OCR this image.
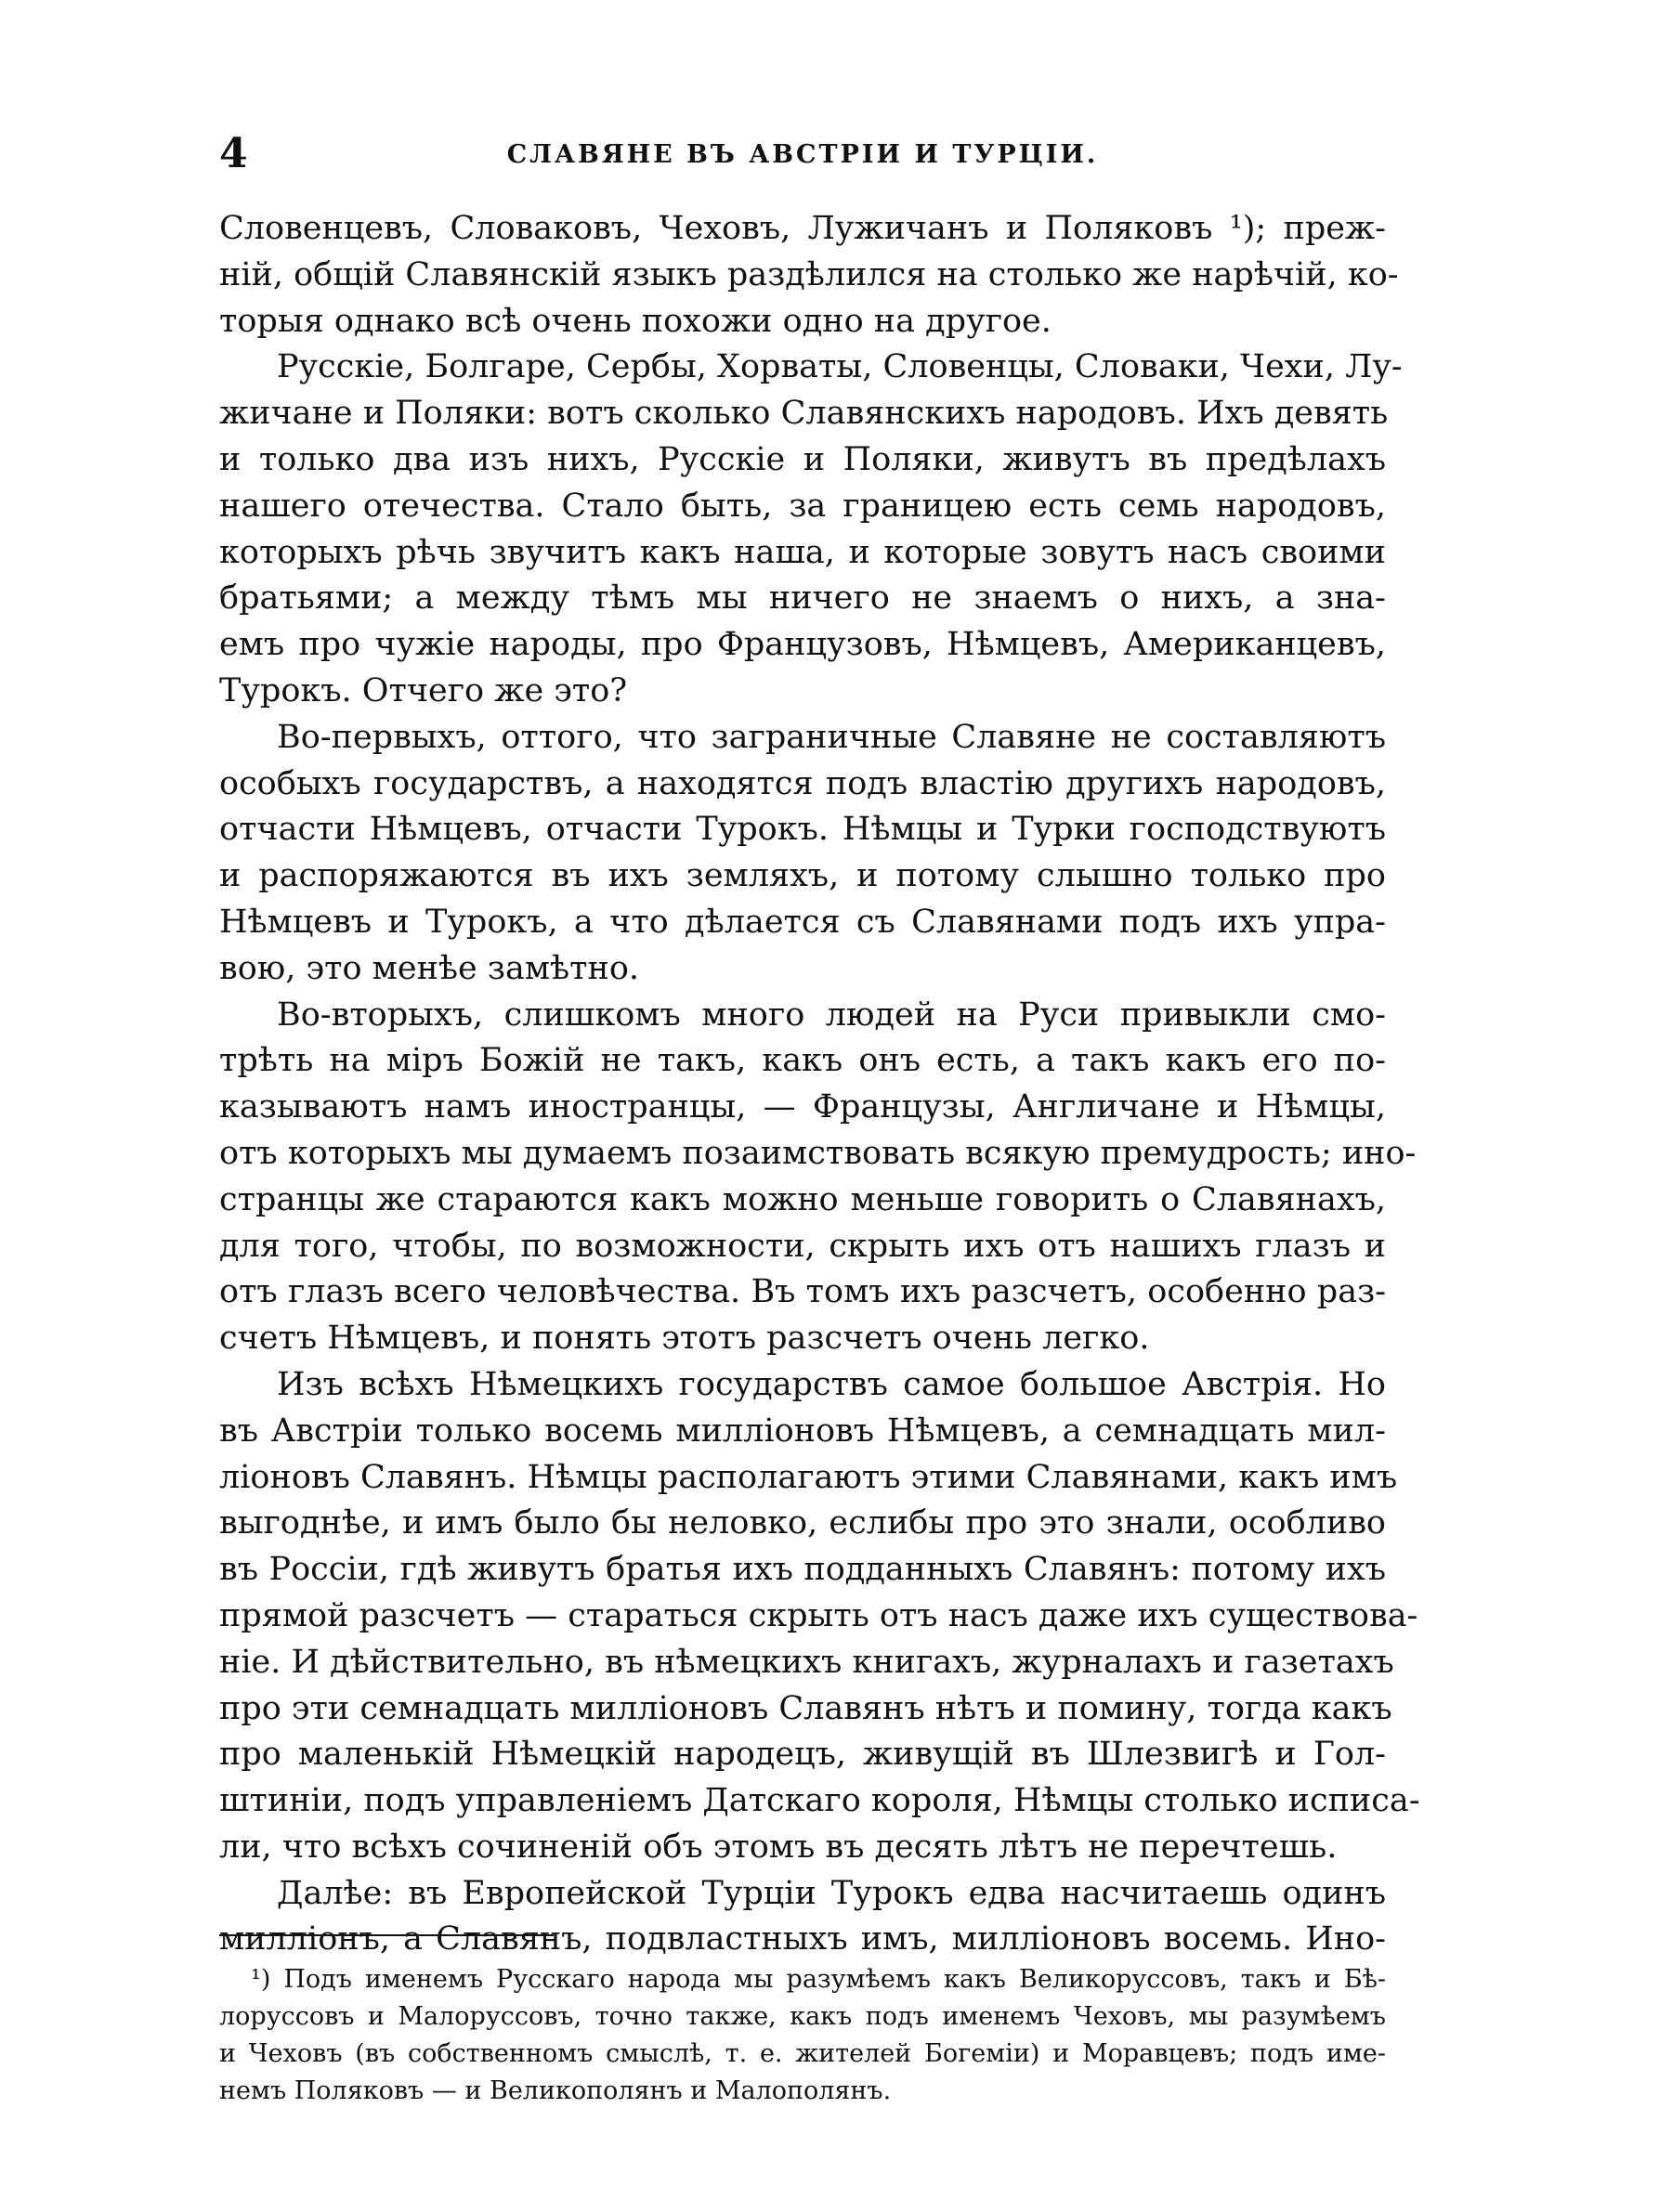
4	СЛАВЯНЕ ВЪ АВСТРІИ И ТУРЦІИ.
Словенцевъ, Словаковъ, Чеховъ, Лужичанъ и Поляковъ ¹); преж-
ній, общій Славянскій языкъ раздѣлился на столько же нарѣчій, ко-
торыя однако всѣ очень похожи одно на другое.
Русскіе, Болгаре, Сербы, Хорваты, Словенцы, Словаки, Чехи, Лу-
жичане и Поляки: вотъ сколько Славянскихъ народовъ. Ихъ девять
и только два изъ нихъ, Русскіе и Поляки, живутъ въ предѣлахъ
нашего отечества. Стало быть, за границею есть семь народовъ,
которыхъ рѣчь звучитъ какъ наша, и которые зовутъ насъ своими
братьями; а между тѣмъ мы ничего не знаемъ о нихъ, а зна-
емъ про чужіе народы, про Французовъ, Нѣмцевъ, Американцевъ,
Турокъ. Отчего же это?
Во-первыхъ, оттого, что заграничные Славяне не составляютъ
особыхъ государствъ, а находятся подъ властію другихъ народовъ,
отчасти Нѣмцевъ, отчасти Турокъ. Нѣмцы и Турки господствуютъ
и распоряжаются въ ихъ земляхъ, и потому слышно только про
Нѣмцевъ и Турокъ, а что дѣлается съ Славянами подъ ихъ упра-
вою, это менѣе замѣтно.
Во-вторыхъ, слишкомъ много людей на Руси привыкли смо-
трѣть на міръ Божій не такъ, какъ онъ есть, а такъ какъ его по-
казываютъ намъ иностранцы, — Французы, Англичане и Нѣмцы,
отъ которыхъ мы думаемъ позаимствовать всякую премудрость; ино-
странцы же стараются какъ можно меньше говорить о Славянахъ,
для того, чтобы, по возможности, скрыть ихъ отъ нашихъ глазъ и
отъ глазъ всего человѣчества. Въ томъ ихъ разсчетъ, особенно раз-
счетъ Нѣмцевъ, и понять этотъ разсчетъ очень легко.
Изъ всѣхъ Нѣмецкихъ государствъ самое большое Австрія. Но
въ Австріи только восемь милліоновъ Нѣмцевъ, а семнадцать мил-
ліоновъ Славянъ. Нѣмцы располагаютъ этими Славянами, какъ имъ
выгоднѣе, и имъ было бы неловко, еслибы про это знали, особливо
въ Россіи, гдѣ живутъ братья ихъ подданныхъ Славянъ: потому ихъ
прямой разсчетъ — стараться скрыть отъ насъ даже ихъ существова-
ніе. И дѣйствительно, въ нѣмецкихъ книгахъ, журналахъ и газетахъ
про эти семнадцать милліоновъ Славянъ нѣтъ и помину, тогда какъ
про маленькій Нѣмецкій народецъ, живущій въ Шлезвигѣ и Гол-
штиніи, подъ управленіемъ Датскаго короля, Нѣмцы столько исписа-
ли, что всѣхъ сочиненій объ этомъ въ десять лѣтъ не перечтешь.
Далѣе: въ Европейской Турціи Турокъ едва насчитаешь одинъ
милліонъ, а Славянъ, подвластныхъ имъ, милліоновъ восемь. Ино-
¹) Подъ именемъ Русскаго народа мы разумѣемъ какъ Великоруссовъ, такъ и Бѣ-
лоруссовъ и Малоруссовъ, точно также, какъ подъ именемъ Чеховъ, мы разумѣемъ
и Чеховъ (въ собственномъ смыслѣ, т. е. жителей Богеміи) и Моравцевъ; подъ име-
немъ Поляковъ — и Великополянъ и Малополянъ.
